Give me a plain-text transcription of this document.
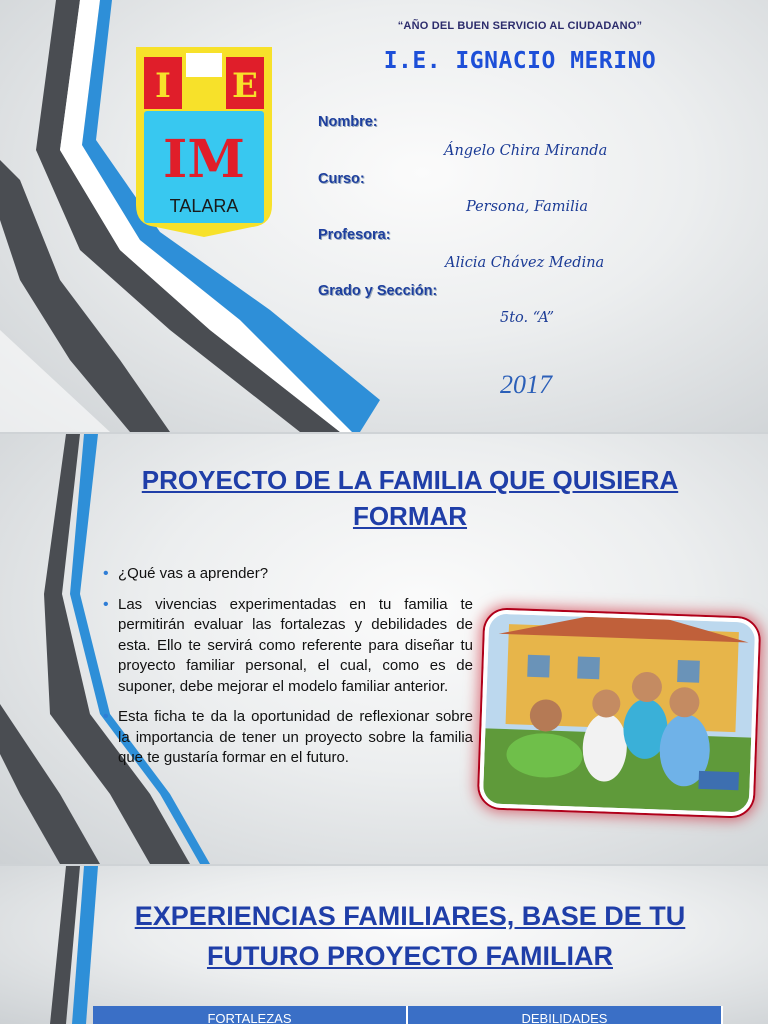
I E
IM
TALARA
“AÑO DEL BUEN SERVICIO AL CIUDADANO”
I.E. IGNACIO MERINO
Nombre:
Ángelo Chira Miranda
Curso:
Persona, Familia
Profesora:
Alicia Chávez Medina
Grado y Sección:
5to. “A”
2017
PROYECTO DE LA FAMILIA QUE QUISIERA FORMAR
• ¿Qué vas a aprender?
• Las vivencias experimentadas en tu familia te permitirán evaluar las fortalezas y debilidades de esta. Ello te servirá como referente para diseñar tu proyecto familiar personal, el cual, como es de suponer, debe mejorar el modelo familiar anterior.
• Esta ficha te da la oportunidad de reflexionar sobre la importancia de tener un proyecto sobre la familia que te gustaría formar en el futuro.
EXPERIENCIAS FAMILIARES, BASE DE TU FUTURO PROYECTO FAMILIAR
FORTALEZAS	DEBILIDADES
